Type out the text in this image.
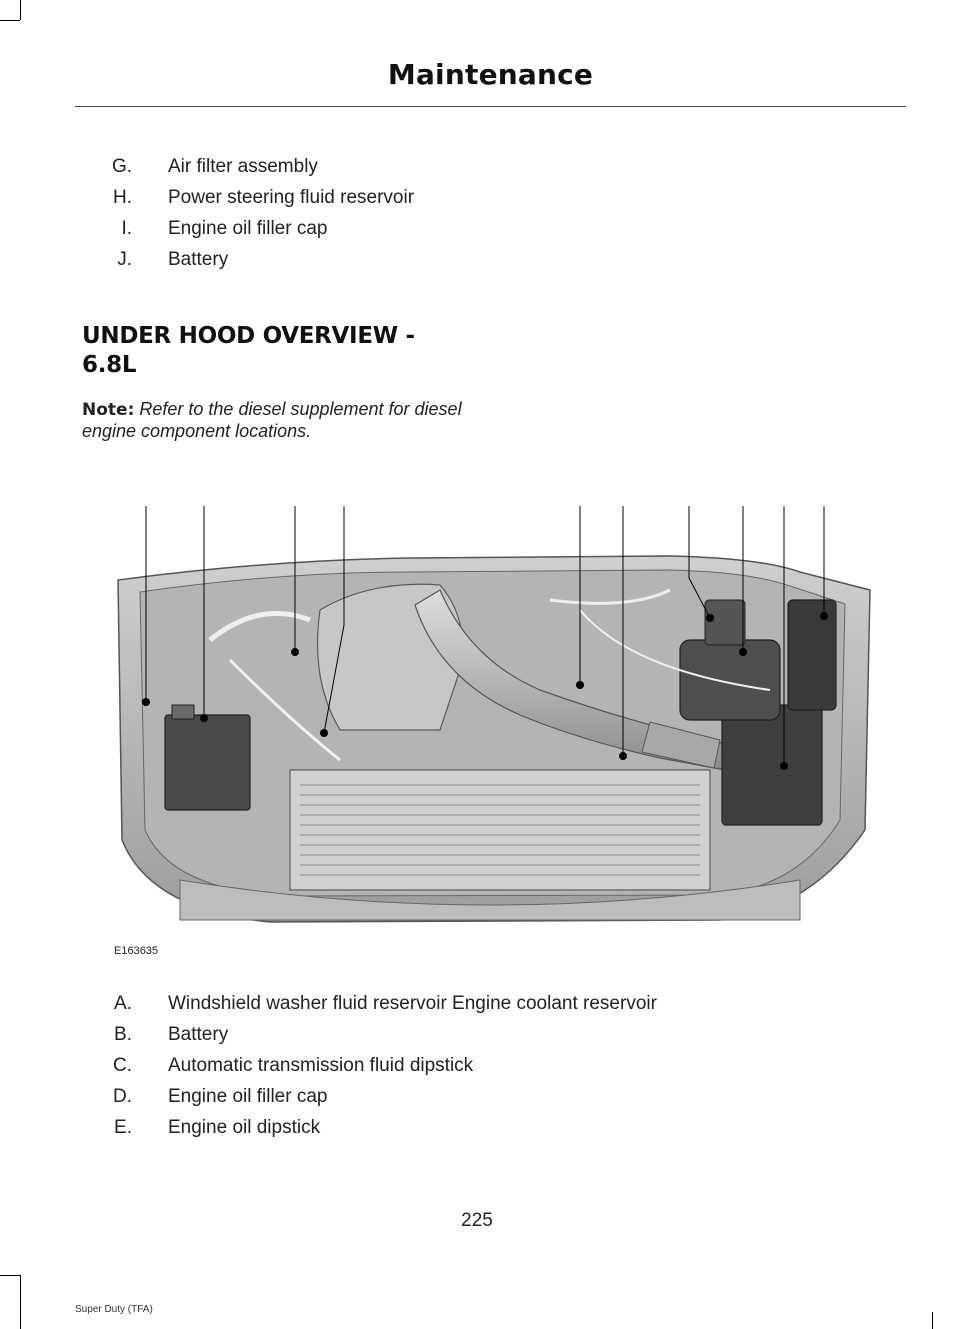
Maintenance
G. Air filter assembly
H. Power steering fluid reservoir
I. Engine oil filler cap
J. Battery
UNDER HOOD OVERVIEW -
6.8L
Note: Refer to the diesel supplement for diesel engine component locations.
E163635
A. Windshield washer fluid reservoir Engine coolant reservoir
B. Battery
C. Automatic transmission fluid dipstick
D. Engine oil filler cap
E. Engine oil dipstick
225
Super Duty (TFA)
